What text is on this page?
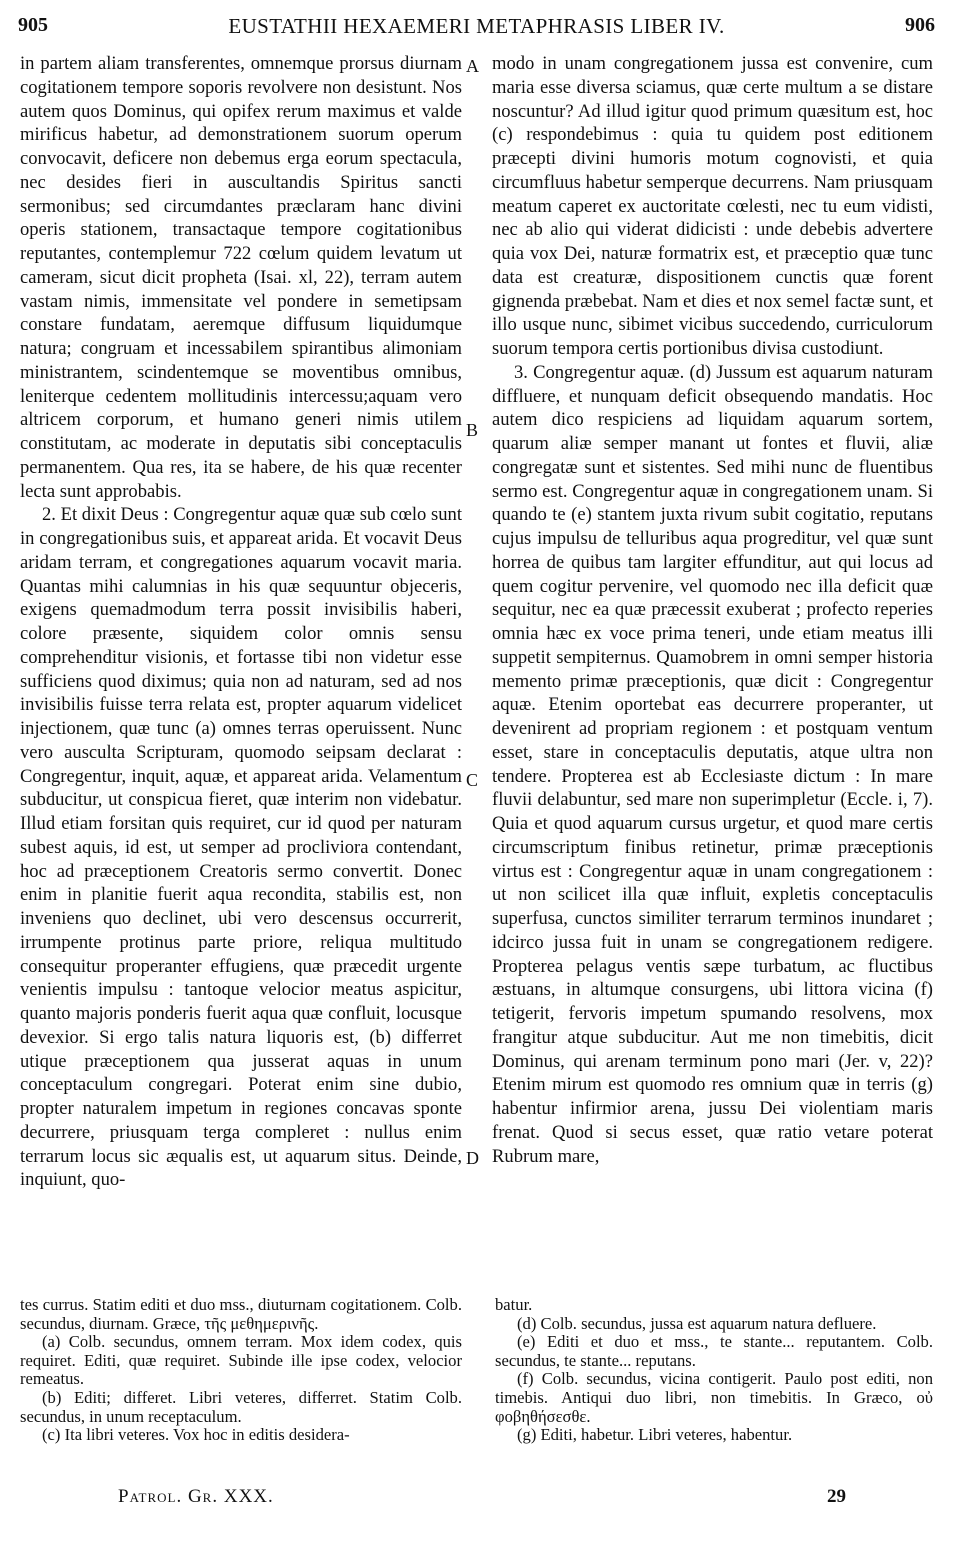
905	EUSTATHII HEXAEMERI METAPHRASIS LIBER IV.	906

in partem aliam transferentes, omnemque prorsus diurnam cogitationem tempore soporis revolvere non desistunt. Nos autem quos Dominus, qui opifex rerum maximus et valde mirificus habetur, ad demonstrationem suorum operum convocavit, deficere non debemus erga eorum spectacula, nec desides fieri in auscultandis Spiritus sancti sermonibus; sed circumdantes præclaram hanc divini operis stationem, transactaque tempore cogitationibus reputantes, contemplemur 722 cœlum quidem levatum ut cameram, sicut dicit propheta (Isai. xl, 22), terram autem vastam nimis, immensitate vel pondere in semetipsam constare fundatam, aeremque diffusum liquidumque natura; congruam et incessabilem spirantibus alimoniam ministrantem, scindentemque se moventibus omnibus, leniterque cedentem mollitudinis intercessu;aquam vero altricem corporum, et humano generi nimis utilem constitutam, ac moderate in deputatis sibi conceptaculis permanentem. Qua res, ita se habere, de his quæ recenter lecta sunt approbabis.

2. Et dixit Deus : Congregentur aquæ quæ sub cœlo sunt in congregationibus suis, et appareat arida. Et vocavit Deus aridam terram, et congregationes aquarum vocavit maria. Quantas mihi calumnias in his quæ sequuntur objeceris, exigens quemadmodum terra possit invisibilis haberi, colore præsente, siquidem color omnis sensu comprehenditur visionis, et fortasse tibi non videtur esse sufficiens quod diximus; quia non ad naturam, sed ad nos invisibilis fuisse terra relata est, propter aquarum videlicet injectionem, quæ tunc (a) omnes terras operuissent. Nunc vero ausculta Scripturam, quomodo seipsam declarat : Congregentur, inquit, aquæ, et appareat arida. Velamentum subducitur, ut conspicua fieret, quæ interim non videbatur. Illud etiam forsitan quis requiret, cur id quod per naturam subest aquis, id est, ut semper ad procliviora contendant, hoc ad præceptionem Creatoris sermo convertit. Donec enim in planitie fuerit aqua recondita, stabilis est, non inveniens quo declinet, ubi vero descensus occurrerit, irrumpente protinus parte priore, reliqua multitudo consequitur properanter effugiens, quæ præcedit urgente venientis impulsu : tantoque velocior meatus aspicitur, quanto majoris ponderis fuerit aqua quæ confluit, locusque devexior. Si ergo talis natura liquoris est, (b) differret utique præceptionem qua jusserat aquas in unum conceptaculum congregari. Poterat enim sine dubio, propter naturalem impetum in regiones concavas sponte decurrere, priusquam terga compleret : nullus enim terrarum locus sic æqualis est, ut aquarum situs. Deinde, inquiunt, quo-

A
B
C
D

modo in unam congregationem jussa est convenire, cum maria esse diversa sciamus, quæ certe multum a se distare noscuntur? Ad illud igitur quod primum quæsitum est, hoc (c) respondebimus : quia tu quidem post editionem præcepti divini humoris motum cognovisti, et quia circumfluus habetur semperque decurrens. Nam priusquam meatum caperet ex auctoritate cœlesti, nec tu eum vidisti, nec ab alio qui viderat didicisti : unde debebis advertere quia vox Dei, naturæ formatrix est, et præceptio quæ tunc data est creaturæ, dispositionem cunctis quæ forent gignenda præbebat. Nam et dies et nox semel factæ sunt, et illo usque nunc, sibimet vicibus succedendo, curriculorum suorum tempora certis portionibus divisa custodiunt.

3. Congregentur aquæ. (d) Jussum est aquarum naturam diffluere, et nunquam deficit obsequendo mandatis. Hoc autem dico respiciens ad liquidam aquarum sortem, quarum aliæ semper manant ut fontes et fluvii, aliæ congregatæ sunt et sistentes. Sed mihi nunc de fluentibus sermo est. Congregentur aquæ in congregationem unam. Si quando te (e) stantem juxta rivum subit cogitatio, reputans cujus impulsu de telluribus aqua progreditur, vel quæ sunt horrea de quibus tam largiter effunditur, aut qui locus ad quem cogitur pervenire, vel quomodo nec illa deficit quæ sequitur, nec ea quæ præcessit exuberat ; profecto reperies omnia hæc ex voce prima teneri, unde etiam meatus illi suppetit sempiternus. Quamobrem in omni semper historia memento primæ præceptionis, quæ dicit : Congregentur aquæ. Etenim oportebat eas decurrere properanter, ut devenirent ad propriam regionem : et postquam ventum esset, stare in conceptaculis deputatis, atque ultra non tendere. Propterea est ab Ecclesiaste dictum : In mare fluvii delabuntur, sed mare non superimpletur (Eccle. i, 7). Quia et quod aquarum cursus urgetur, et quod mare certis circumscriptum finibus retinetur, primæ præceptionis virtus est : Congregentur aquæ in unam congregationem : ut non scilicet illa quæ influit, expletis conceptaculis superfusa, cunctos similiter terrarum terminos inundaret ; idcirco jussa fuit in unam se congregationem redigere. Propterea pelagus ventis sæpe turbatum, ac fluctibus æstuans, in altumque consurgens, ubi littora vicina (f) tetigerit, fervoris impetum spumando resolvens, mox frangitur atque subducitur. Aut me non timebitis, dicit Dominus, qui arenam terminum pono mari (Jer. v, 22)? Etenim mirum est quomodo res omnium quæ in terris (g) habentur infirmior arena, jussu Dei violentiam maris frenat. Quod si secus esset, quæ ratio vetare poterat Rubrum mare,

tes currus. Statim editi et duo mss., diuturnam cogitationem. Colb. secundus, diurnam. Græce, τῆς μεθημερινῆς.

(a) Colb. secundus, omnem terram. Mox idem codex, quis requiret. Editi, quæ requiret. Subinde ille ipse codex, velocior remeatus.

(b) Editi; differet. Libri veteres, differret. Statim Colb. secundus, in unum receptaculum.

(c) Ita libri veteres. Vox hoc in editis desidera-

batur.

(d) Colb. secundus, jussa est aquarum natura defluere.

(e) Editi et duo et mss., te stante... reputantem. Colb. secundus, te stante... reputans.

(f) Colb. secundus, vicina contigerit. Paulo post editi, non timebis. Antiqui duo libri, non timebitis. In Græco, οὐ φοβηθήσεσθε.

(g) Editi, habetur. Libri veteres, habentur.

Patrol. Gr. XXX.	29
